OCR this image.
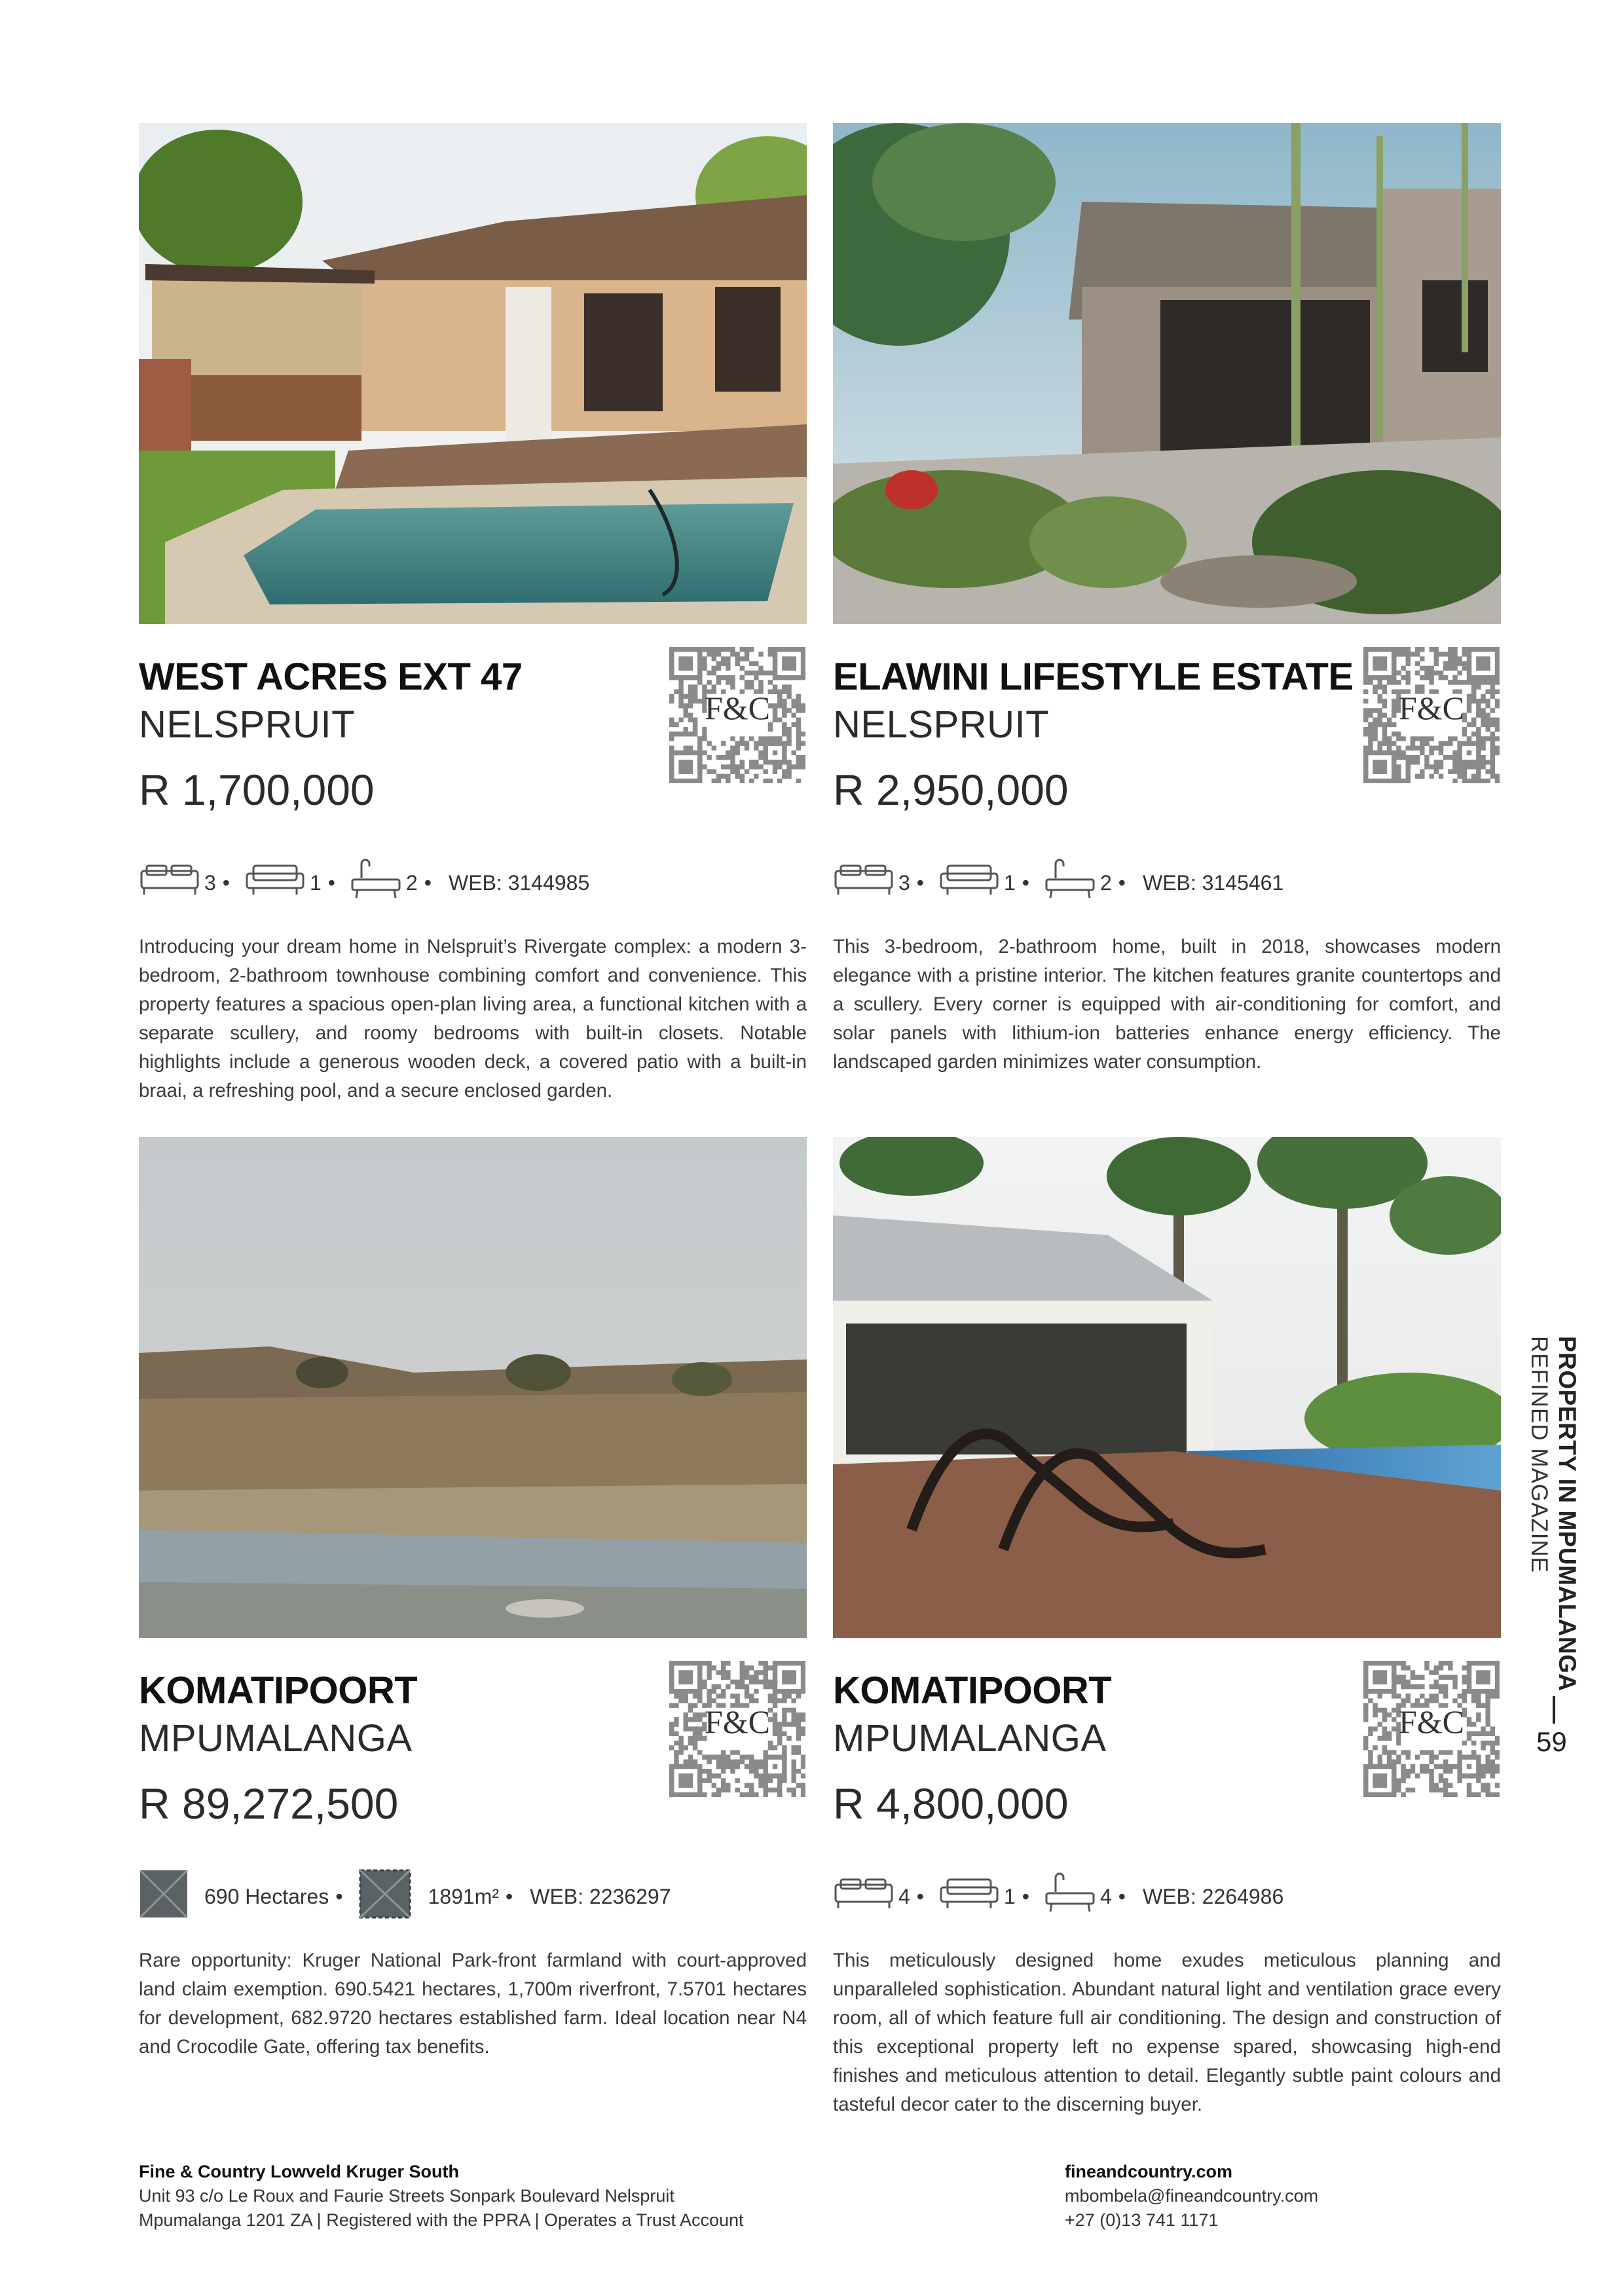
WEST ACRES EXT 47
NELSPRUIT
R 1,700,000
F&C
3 •	1 •	2 • WEB: 3144985
Introducing your dream home in Nelspruit’s Rivergate complex: a modern 3-bedroom, 2-bathroom townhouse combining comfort and convenience. This property features a spacious open-plan living area, a functional kitchen with a separate scullery, and roomy bedrooms with built-in closets. Notable highlights include a generous wooden deck, a covered patio with a built-in braai, a refreshing pool, and a secure enclosed garden.
ELAWINI LIFESTYLE ESTATE
NELSPRUIT
R 2,950,000
F&C
3 •	1 •	2 • WEB: 3145461
This 3-bedroom, 2-bathroom home, built in 2018, showcases modern elegance with a pristine interior. The kitchen features granite countertops and a scullery. Every corner is equipped with air-conditioning for comfort, and solar panels with lithium-ion batteries enhance energy efficiency. The landscaped garden minimizes water consumption.
KOMATIPOORT
MPUMALANGA
R 89,272,500
F&C
690 Hectares •	1891m² • WEB: 2236297
Rare opportunity: Kruger National Park-front farmland with court-approved land claim exemption. 690.5421 hectares, 1,700m riverfront, 7.5701 hectares for development, 682.9720 hectares established farm. Ideal location near N4 and Crocodile Gate, offering tax benefits.
KOMATIPOORT
MPUMALANGA
R 4,800,000
F&C
4 •	1 •	4 • WEB: 2264986
This meticulously designed home exudes meticulous planning and unparalleled sophistication. Abundant natural light and ventilation grace every room, all of which feature full air conditioning. The design and construction of this exceptional property left no expense spared, showcasing high-end finishes and meticulous attention to detail. Elegantly subtle paint colours and tasteful decor cater to the discerning buyer.
PROPERTY IN MPUMALANGA
REFINED MAGAZINE
59
Fine & Country Lowveld Kruger South
Unit 93 c/o Le Roux and Faurie Streets Sonpark Boulevard Nelspruit
Mpumalanga 1201 ZA | Registered with the PPRA | Operates a Trust Account
fineandcountry.com
mbombela@fineandcountry.com
+27 (0)13 741 1171
